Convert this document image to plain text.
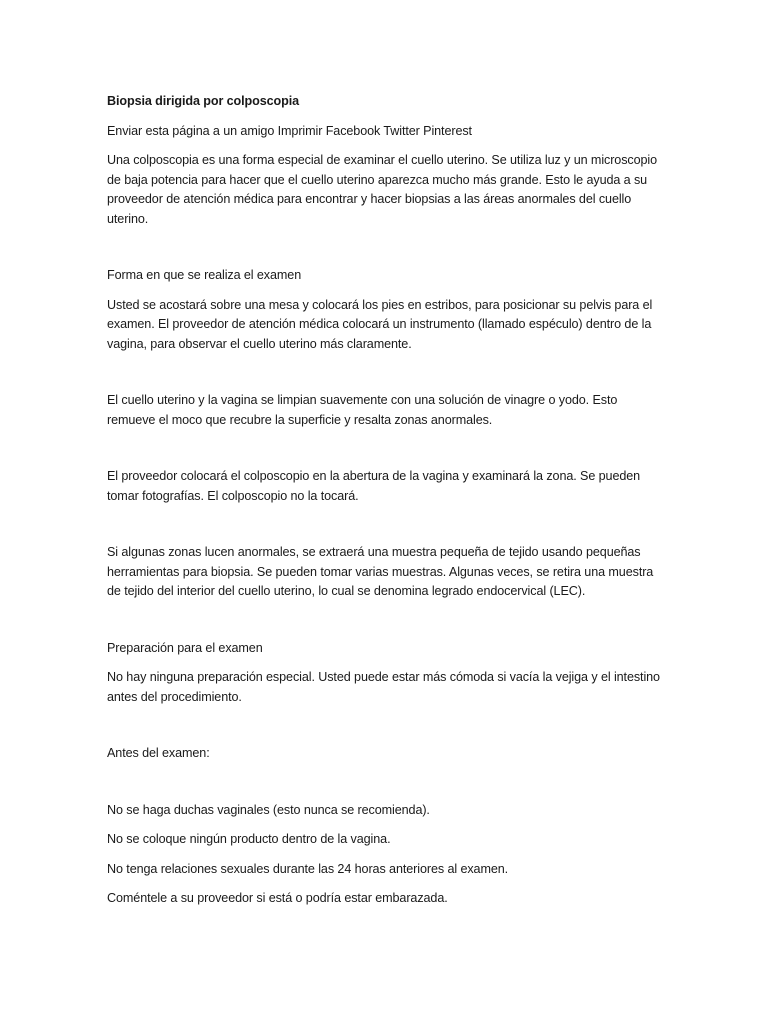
Biopsia dirigida por colposcopia

Enviar esta página a un amigo Imprimir Facebook Twitter Pinterest

Una colposcopia es una forma especial de examinar el cuello uterino. Se utiliza luz y un microscopio de baja potencia para hacer que el cuello uterino aparezca mucho más grande. Esto le ayuda a su proveedor de atención médica para encontrar y hacer biopsias a las áreas anormales del cuello uterino.

Forma en que se realiza el examen

Usted se acostará sobre una mesa y colocará los pies en estribos, para posicionar su pelvis para el examen. El proveedor de atención médica colocará un instrumento (llamado espéculo) dentro de la vagina, para observar el cuello uterino más claramente.

El cuello uterino y la vagina se limpian suavemente con una solución de vinagre o yodo. Esto remueve el moco que recubre la superficie y resalta zonas anormales.

El proveedor colocará el colposcopio en la abertura de la vagina y examinará la zona. Se pueden tomar fotografías. El colposcopio no la tocará.

Si algunas zonas lucen anormales, se extraerá una muestra pequeña de tejido usando pequeñas herramientas para biopsia. Se pueden tomar varias muestras. Algunas veces, se retira una muestra de tejido del interior del cuello uterino, lo cual se denomina legrado endocervical (LEC).

Preparación para el examen

No hay ninguna preparación especial. Usted puede estar más cómoda si vacía la vejiga y el intestino antes del procedimiento.

Antes del examen:

No se haga duchas vaginales (esto nunca se recomienda).

No se coloque ningún producto dentro de la vagina.

No tenga relaciones sexuales durante las 24 horas anteriores al examen.

Coméntele a su proveedor si está o podría estar embarazada.
